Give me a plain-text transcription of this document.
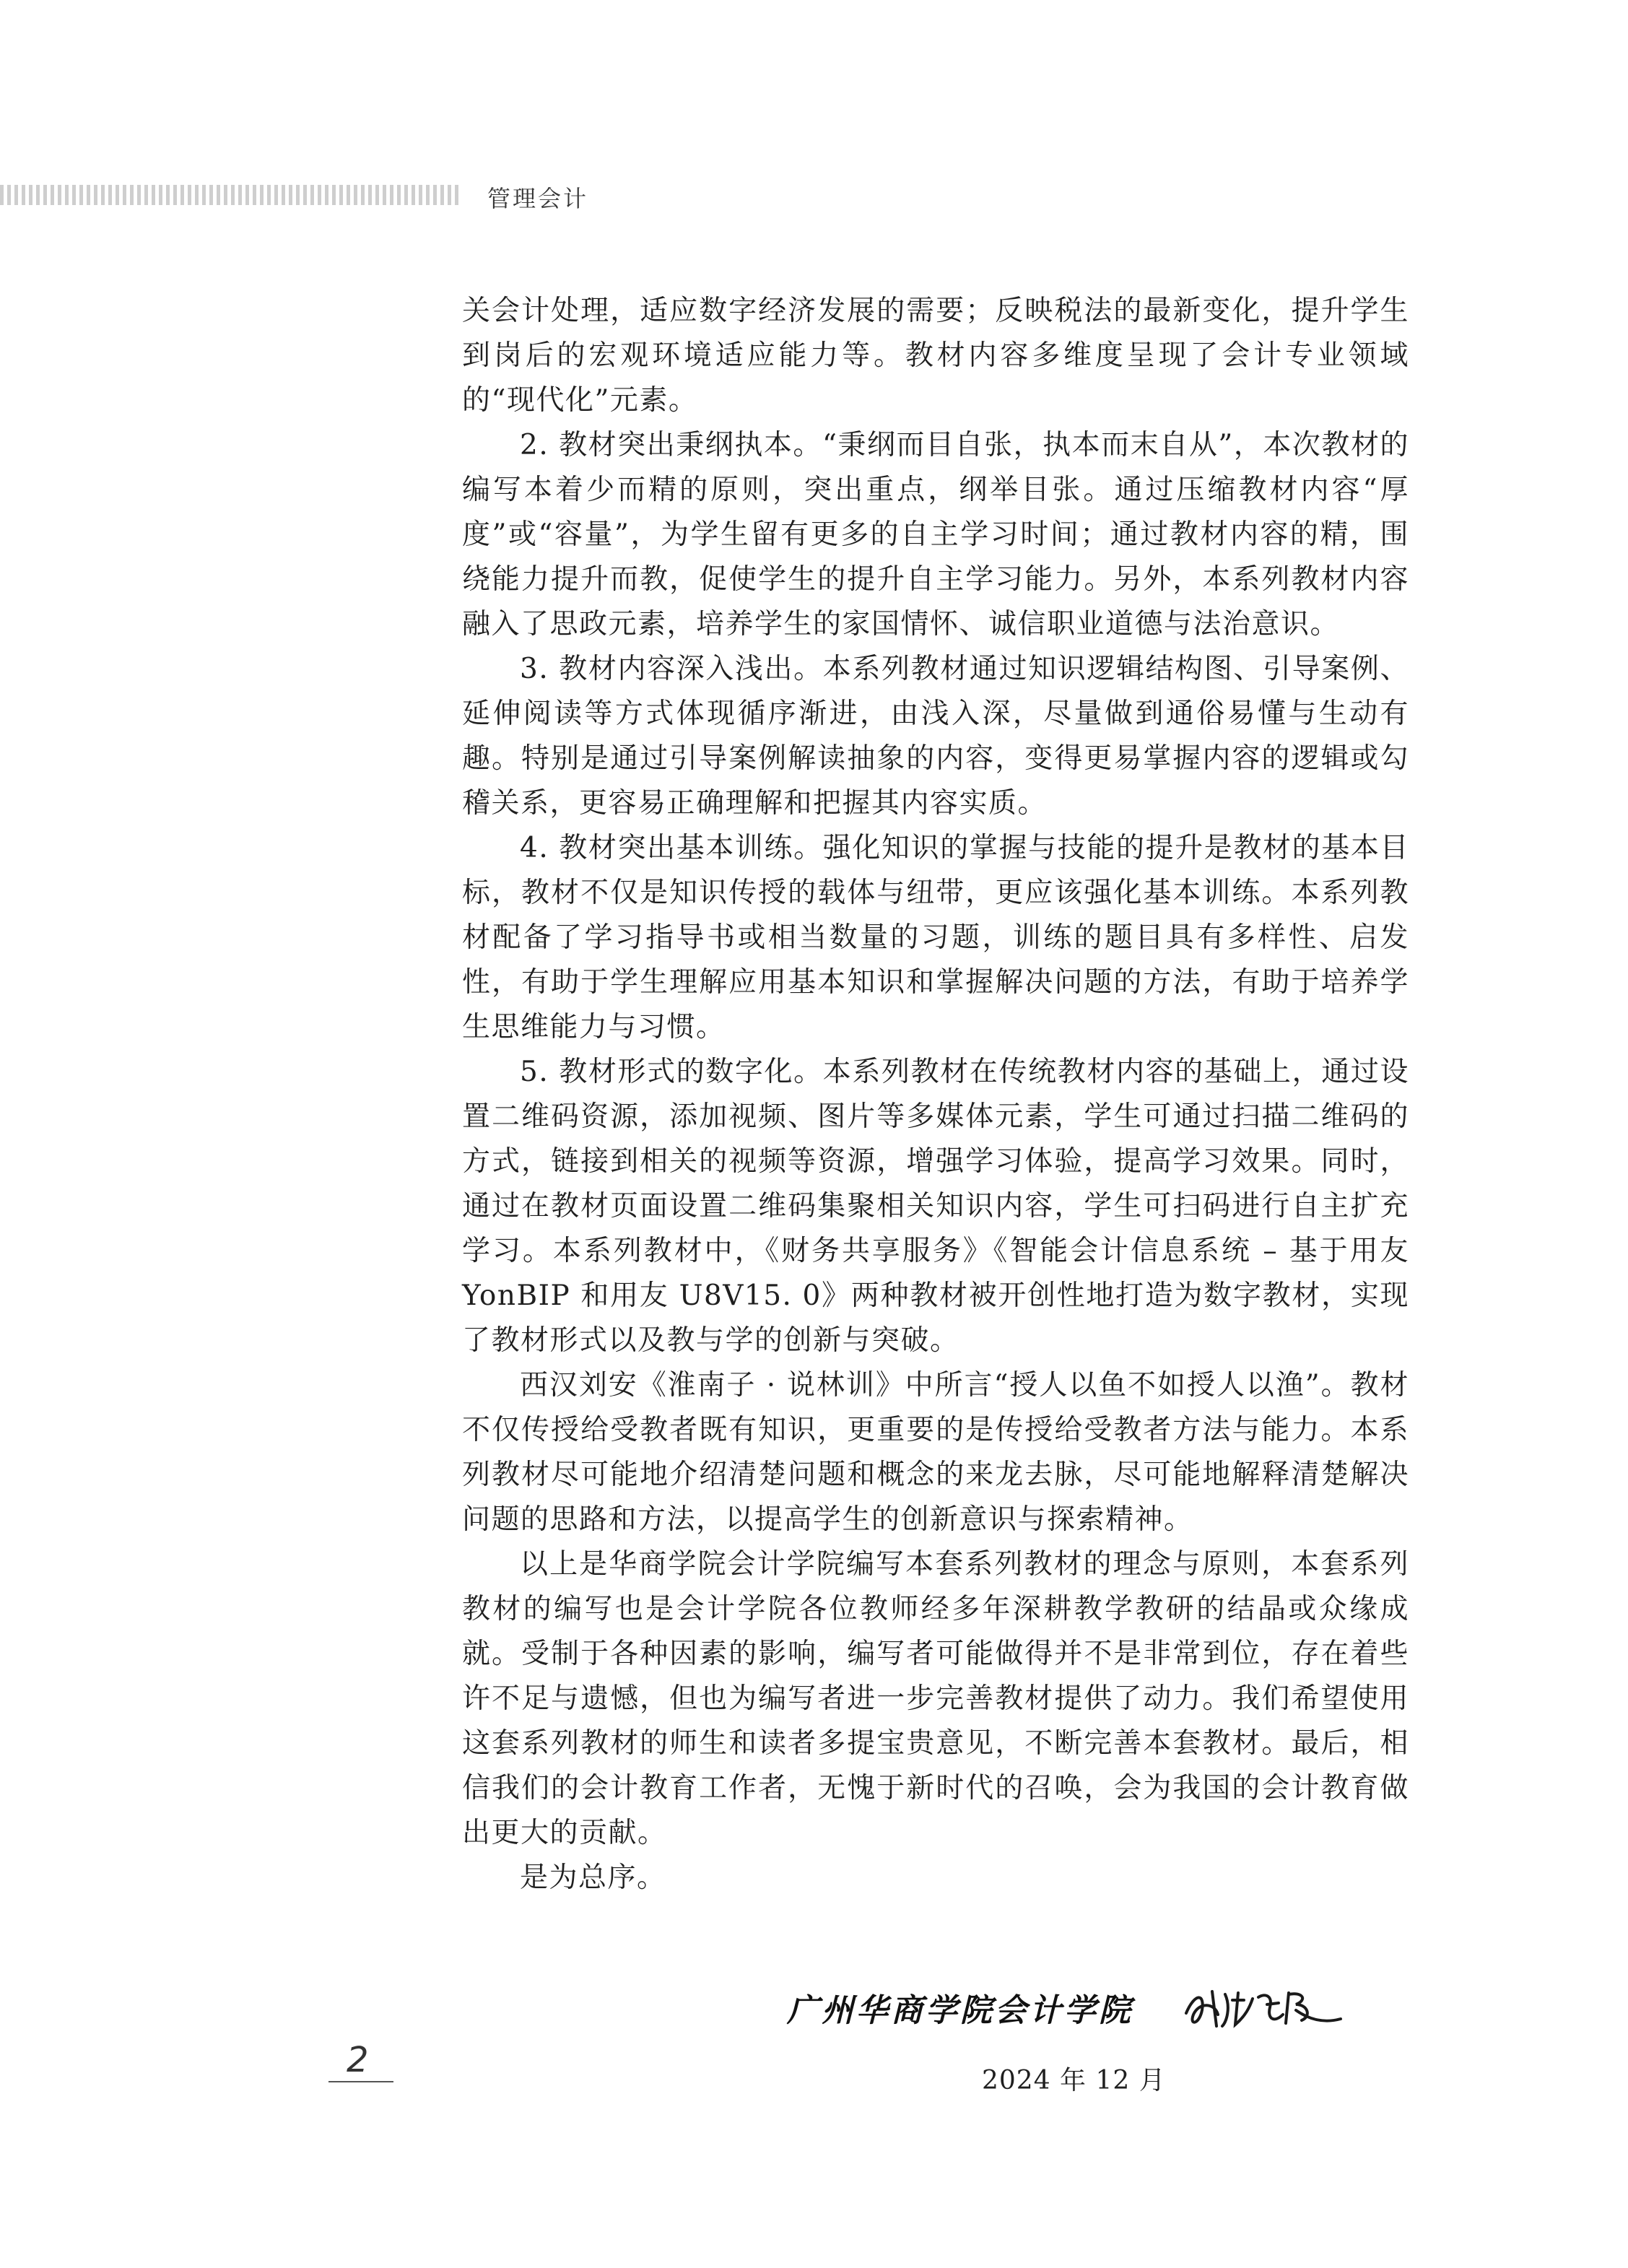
管理会计

关会计处理，适应数字经济发展的需要；反映税法的最新变化，提升学生到岗后的宏观环境适应能力等。教材内容多维度呈现了会计专业领域的“现代化”元素。

2. 教材突出秉纲执本。“秉纲而目自张，执本而末自从”，本次教材的编写本着少而精的原则，突出重点，纲举目张。通过压缩教材内容“厚度”或“容量”，为学生留有更多的自主学习时间；通过教材内容的精，围绕能力提升而教，促使学生的提升自主学习能力。另外，本系列教材内容融入了思政元素，培养学生的家国情怀、诚信职业道德与法治意识。

3. 教材内容深入浅出。本系列教材通过知识逻辑结构图、引导案例、延伸阅读等方式体现循序渐进，由浅入深，尽量做到通俗易懂与生动有趣。特别是通过引导案例解读抽象的内容，变得更易掌握内容的逻辑或勾稽关系，更容易正确理解和把握其内容实质。

4. 教材突出基本训练。强化知识的掌握与技能的提升是教材的基本目标，教材不仅是知识传授的载体与纽带，更应该强化基本训练。本系列教材配备了学习指导书或相当数量的习题，训练的题目具有多样性、启发性，有助于学生理解应用基本知识和掌握解决问题的方法，有助于培养学生思维能力与习惯。

5. 教材形式的数字化。本系列教材在传统教材内容的基础上，通过设置二维码资源，添加视频、图片等多媒体元素，学生可通过扫描二维码的方式，链接到相关的视频等资源，增强学习体验，提高学习效果。同时，通过在教材页面设置二维码集聚相关知识内容，学生可扫码进行自主扩充学习。本系列教材中，《财务共享服务》《智能会计信息系统 – 基于用友 YonBIP 和用友 U8V15. 0》两种教材被开创性地打造为数字教材，实现了教材形式以及教与学的创新与突破。

西汉刘安《淮南子 · 说林训》中所言“授人以鱼不如授人以渔”。教材不仅传授给受教者既有知识，更重要的是传授给受教者方法与能力。本系列教材尽可能地介绍清楚问题和概念的来龙去脉，尽可能地解释清楚解决问题的思路和方法，以提高学生的创新意识与探索精神。

以上是华商学院会计学院编写本套系列教材的理念与原则，本套系列教材的编写也是会计学院各位教师经多年深耕教学教研的结晶或众缘成就。受制于各种因素的影响，编写者可能做得并不是非常到位，存在着些许不足与遗憾，但也为编写者进一步完善教材提供了动力。我们希望使用这套系列教材的师生和读者多提宝贵意见，不断完善本套教材。最后，相信我们的会计教育工作者，无愧于新时代的召唤，会为我国的会计教育做出更大的贡献。

是为总序。

广州华商学院会计学院
2024 年 12 月
2
